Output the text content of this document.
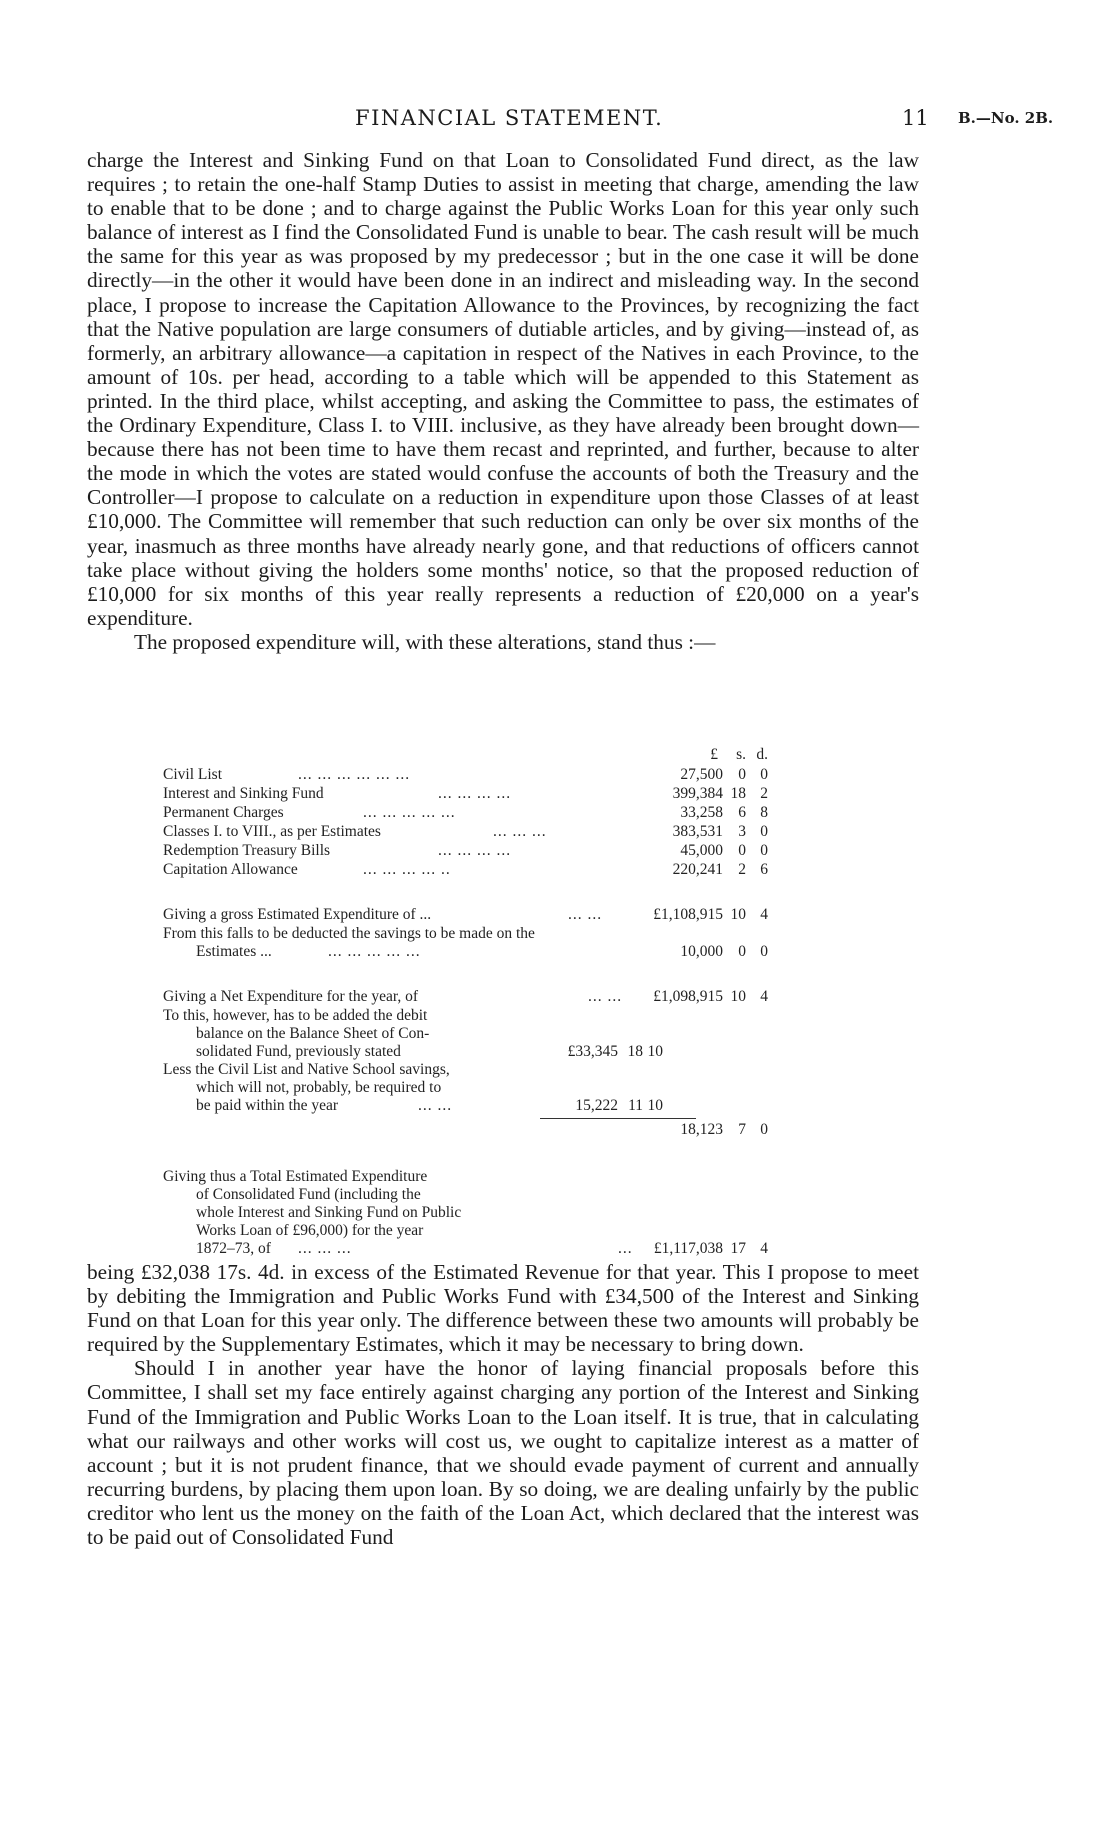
FINANCIAL STATEMENT.	11 B.—No. 2B.

charge the Interest and Sinking Fund on that Loan to Consolidated Fund direct, as the law requires ; to retain the one-half Stamp Duties to assist in meeting that charge, amending the law to enable that to be done ; and to charge against the Public Works Loan for this year only such balance of interest as I find the Consolidated Fund is unable to bear. The cash result will be much the same for this year as was proposed by my predecessor ; but in the one case it will be done directly—in the other it would have been done in an indirect and misleading way. In the second place, I propose to increase the Capitation Allowance to the Provinces, by recognizing the fact that the Native population are large consumers of dutiable articles, and by giving—instead of, as formerly, an arbitrary allowance—a capitation in respect of the Natives in each Province, to the amount of 10s. per head, according to a table which will be appended to this Statement as printed. In the third place, whilst accepting, and asking the Committee to pass, the estimates of the Ordinary Expenditure, Class I. to VIII. inclusive, as they have already been brought down—because there has not been time to have them recast and reprinted, and further, because to alter the mode in which the votes are stated would confuse the accounts of both the Treasury and the Controller—I propose to calculate on a reduction in expenditure upon those Classes of at least £10,000. The Committee will remember that such reduction can only be over six months of the year, inasmuch as three months have already nearly gone, and that reductions of officers cannot take place without giving the holders some months' notice, so that the proposed reduction of £10,000 for six months of this year really represents a reduction of £20,000 on a year's expenditure.

The proposed expenditure will, with these alterations, stand thus :—

£	s. d.
Civil List	... ... ... ... ... ...	27,500 0 0
Interest and Sinking Fund	... ... ... ...	399,384 18 2
Permanent Charges	... ... ... ... ...	33,258 6 8
Classes I. to VIII., as per Estimates	... ... ...	383,531 3 0
Redemption Treasury Bills	... ... ... ...	45,000 0 0
Capitation Allowance	... ... ... ... ..	220,241 2 6
Giving a gross Estimated Expenditure of ...	... ...	£1,108,915 10 4
From this falls to be deducted the savings to be made on the
Estimates ...	... ... ... ... ...	10,000 0 0
Giving a Net Expenditure for the year, of	... ... £1,098,915 10 4
To this, however, has to be added the debit
balance on the Balance Sheet of Con-
solidated Fund, previously stated	£33,345 18 10
Less the Civil List and Native School savings,
which will not, probably, be required to
be paid within the year	... ...	15,222 11 10
18,123 7 0
Giving thus a Total Estimated Expenditure
of Consolidated Fund (including the
whole Interest and Sinking Fund on Public
Works Loan of £96,000) for the year
1872–73, of ... ... ...	... £1,117,038 17 4

being £32,038 17s. 4d. in excess of the Estimated Revenue for that year. This I propose to meet by debiting the Immigration and Public Works Fund with £34,500 of the Interest and Sinking Fund on that Loan for this year only. The difference between these two amounts will probably be required by the Supplementary Estimates, which it may be necessary to bring down.

Should I in another year have the honor of laying financial proposals before this Committee, I shall set my face entirely against charging any portion of the Interest and Sinking Fund of the Immigration and Public Works Loan to the Loan itself. It is true, that in calculating what our railways and other works will cost us, we ought to capitalize interest as a matter of account ; but it is not prudent finance, that we should evade payment of current and annually recurring burdens, by placing them upon loan. By so doing, we are dealing unfairly by the public creditor who lent us the money on the faith of the Loan Act, which declared that the interest was to be paid out of Consolidated Fund
